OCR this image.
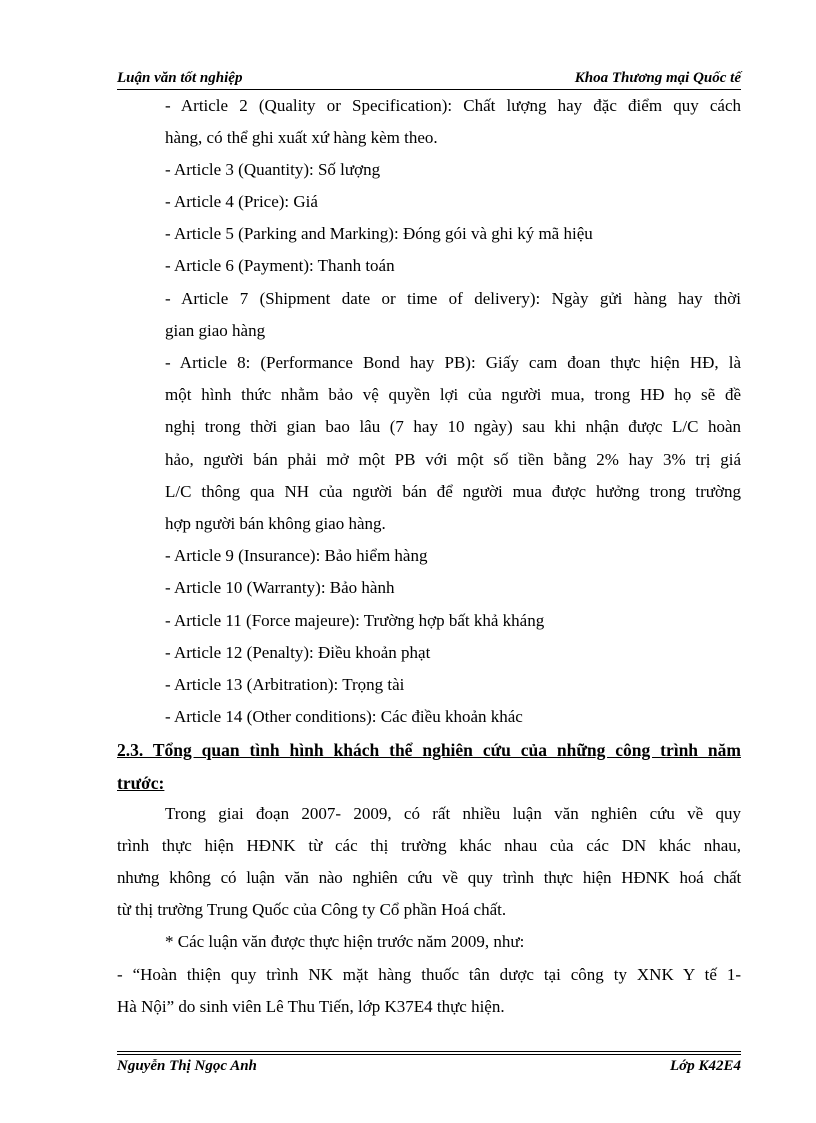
Luận văn tốt nghiệp	Khoa Thương mại Quốc tế
- Article 2 (Quality or Specification): Chất lượng hay đặc điểm quy cách
hàng, có thể ghi xuất xứ hàng kèm theo.
- Article 3 (Quantity): Số lượng
- Article 4 (Price): Giá
- Article 5 (Parking and Marking): Đóng gói và ghi ký mã hiệu
- Article 6 (Payment): Thanh toán
- Article 7 (Shipment date or time of delivery): Ngày gửi hàng hay thời
gian giao hàng
- Article 8: (Performance Bond hay PB): Giấy cam đoan thực hiện HĐ, là
một hình thức nhằm bảo vệ quyền lợi của người mua, trong HĐ họ sẽ đề
nghị trong thời gian bao lâu (7 hay 10 ngày) sau khi nhận được L/C hoàn
hảo, người bán phải mở một PB với một số tiền bằng 2% hay 3% trị giá
L/C thông qua NH của người bán để người mua được hưởng trong trường
hợp người bán không giao hàng.
- Article 9 (Insurance): Bảo hiểm hàng
- Article 10 (Warranty): Bảo hành
- Article 11 (Force majeure): Trường hợp bất khả kháng
- Article 12 (Penalty): Điều khoản phạt
- Article 13 (Arbitration): Trọng tài
- Article 14 (Other conditions): Các điều khoản khác
2.3. Tổng quan tình hình khách thể nghiên cứu của những công trình năm
trước:
Trong giai đoạn 2007- 2009, có rất nhiều luận văn nghiên cứu về quy
trình thực hiện HĐNK từ các thị trường khác nhau của các DN khác nhau,
nhưng không có luận văn nào nghiên cứu về quy trình thực hiện HĐNK hoá chất
từ thị trường Trung Quốc của Công ty Cổ phần Hoá chất.
* Các luận văn được thực hiện trước năm 2009, như:
- “Hoàn thiện quy trình NK mặt hàng thuốc tân dược tại công ty XNK Y tế 1-
Hà Nội” do sinh viên Lê Thu Tiến, lớp K37E4 thực hiện.
Nguyễn Thị Ngọc Anh	Lớp K42E4
